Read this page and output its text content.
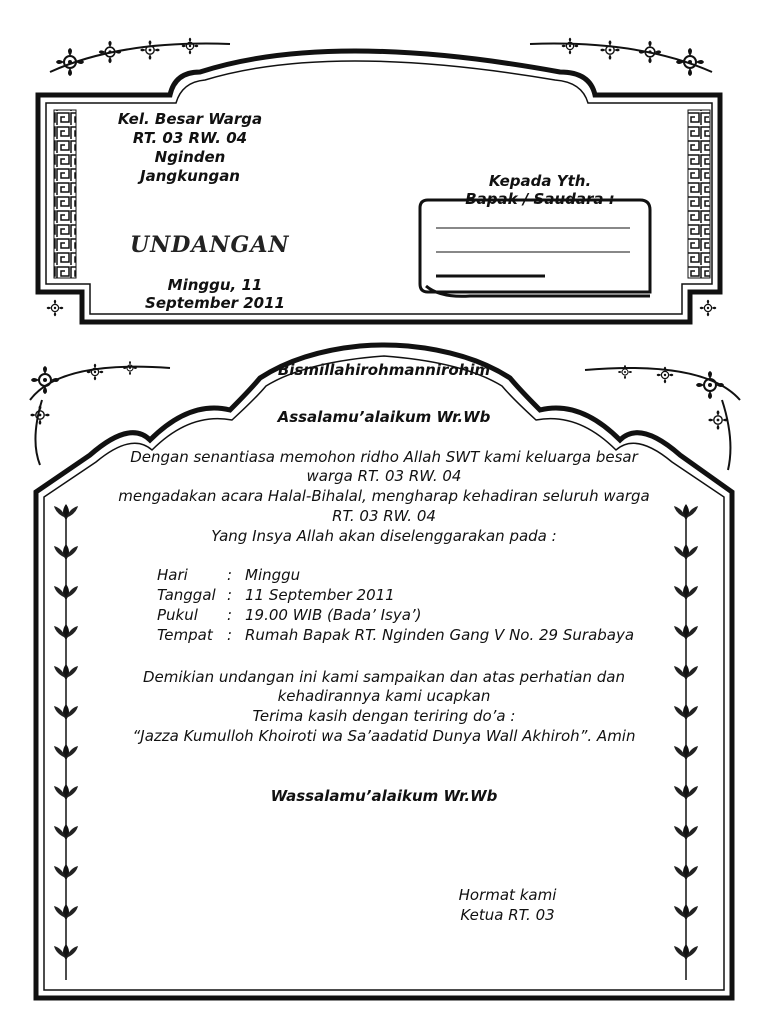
Kel. Besar Warga
RT. 03 RW. 04
Nginden
Jangkungan
UNDANGAN
Minggu, 11
September 2011
Kepada Yth.
Bapak / Saudara :
Bismillahirohmannirohim
Assalamu’alaikum Wr.Wb
Dengan senantiasa memohon ridho Allah SWT kami keluarga besar
warga RT. 03 RW. 04
mengadakan acara Halal-Bihalal, mengharap kehadiran seluruh warga
RT. 03 RW. 04
Yang Insya Allah akan diselenggarakan pada :
Hari	: Minggu
Tanggal : 11 September 2011
Pukul : 19.00 WIB (Bada’ Isya’)
Tempat : Rumah Bapak RT. Nginden Gang V No. 29 Surabaya
Demikian undangan ini kami sampaikan dan atas perhatian dan
kehadirannya kami ucapkan
Terima kasih dengan teriring do’a :
“Jazza Kumulloh Khoiroti wa Sa’aadatid Dunya Wall Akhiroh”. Amin
Wassalamu’alaikum Wr.Wb
Hormat kami
Ketua RT. 03
